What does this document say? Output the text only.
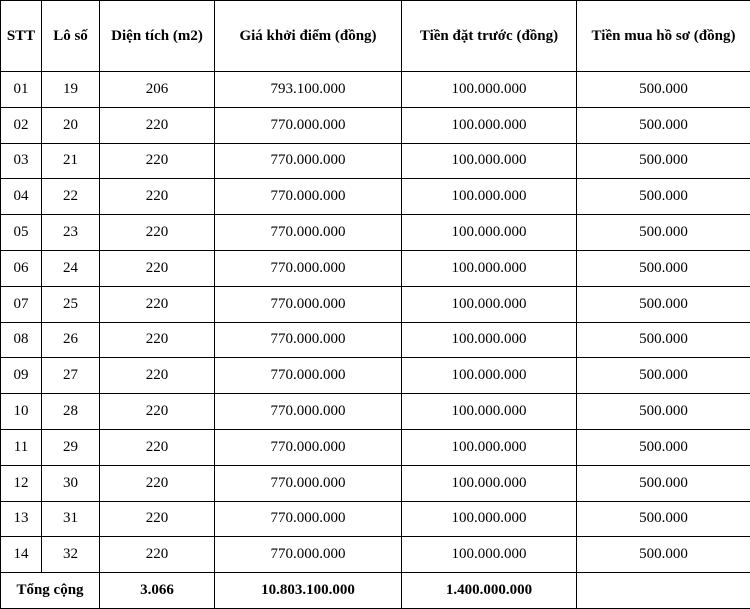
STT	Lô số	Diện tích (m2)	Giá khởi điểm (đồng)	Tiền đặt trước (đồng)	Tiền mua hồ sơ (đồng)
01	19	206	793.100.000	100.000.000	500.000
02	20	220	770.000.000	100.000.000	500.000
03	21	220	770.000.000	100.000.000	500.000
04	22	220	770.000.000	100.000.000	500.000
05	23	220	770.000.000	100.000.000	500.000
06	24	220	770.000.000	100.000.000	500.000
07	25	220	770.000.000	100.000.000	500.000
08	26	220	770.000.000	100.000.000	500.000
09	27	220	770.000.000	100.000.000	500.000
10	28	220	770.000.000	100.000.000	500.000
11	29	220	770.000.000	100.000.000	500.000
12	30	220	770.000.000	100.000.000	500.000
13	31	220	770.000.000	100.000.000	500.000
14	32	220	770.000.000	100.000.000	500.000
Tổng cộng		3.066	10.803.100.000	1.400.000.000	
